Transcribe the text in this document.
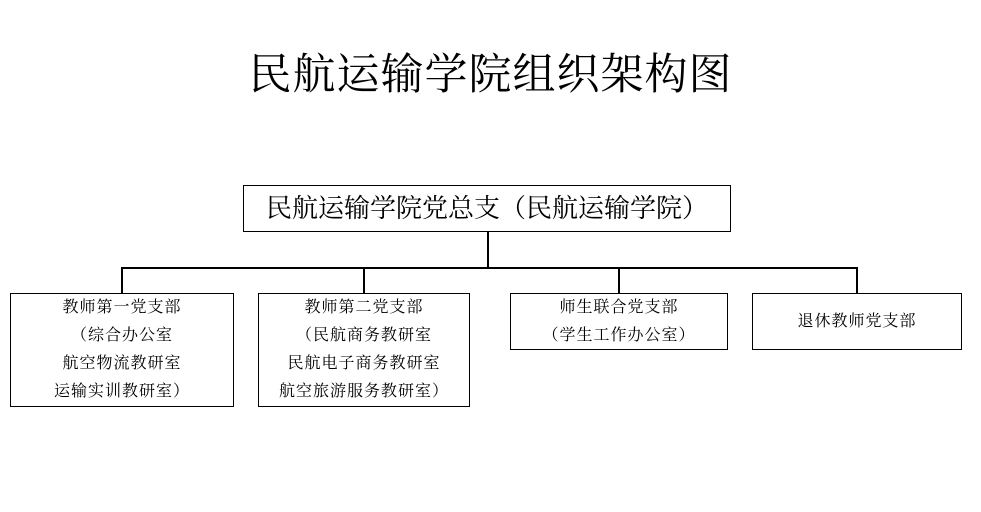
民航运输学院组织架构图
民航运输学院党总支（民航运输学院）
教师第一党支部
（综合办公室
航空物流教研室
运输实训教研室）
教师第二党支部
（民航商务教研室
民航电子商务教研室
航空旅游服务教研室）
师生联合党支部
（学生工作办公室）
退休教师党支部
